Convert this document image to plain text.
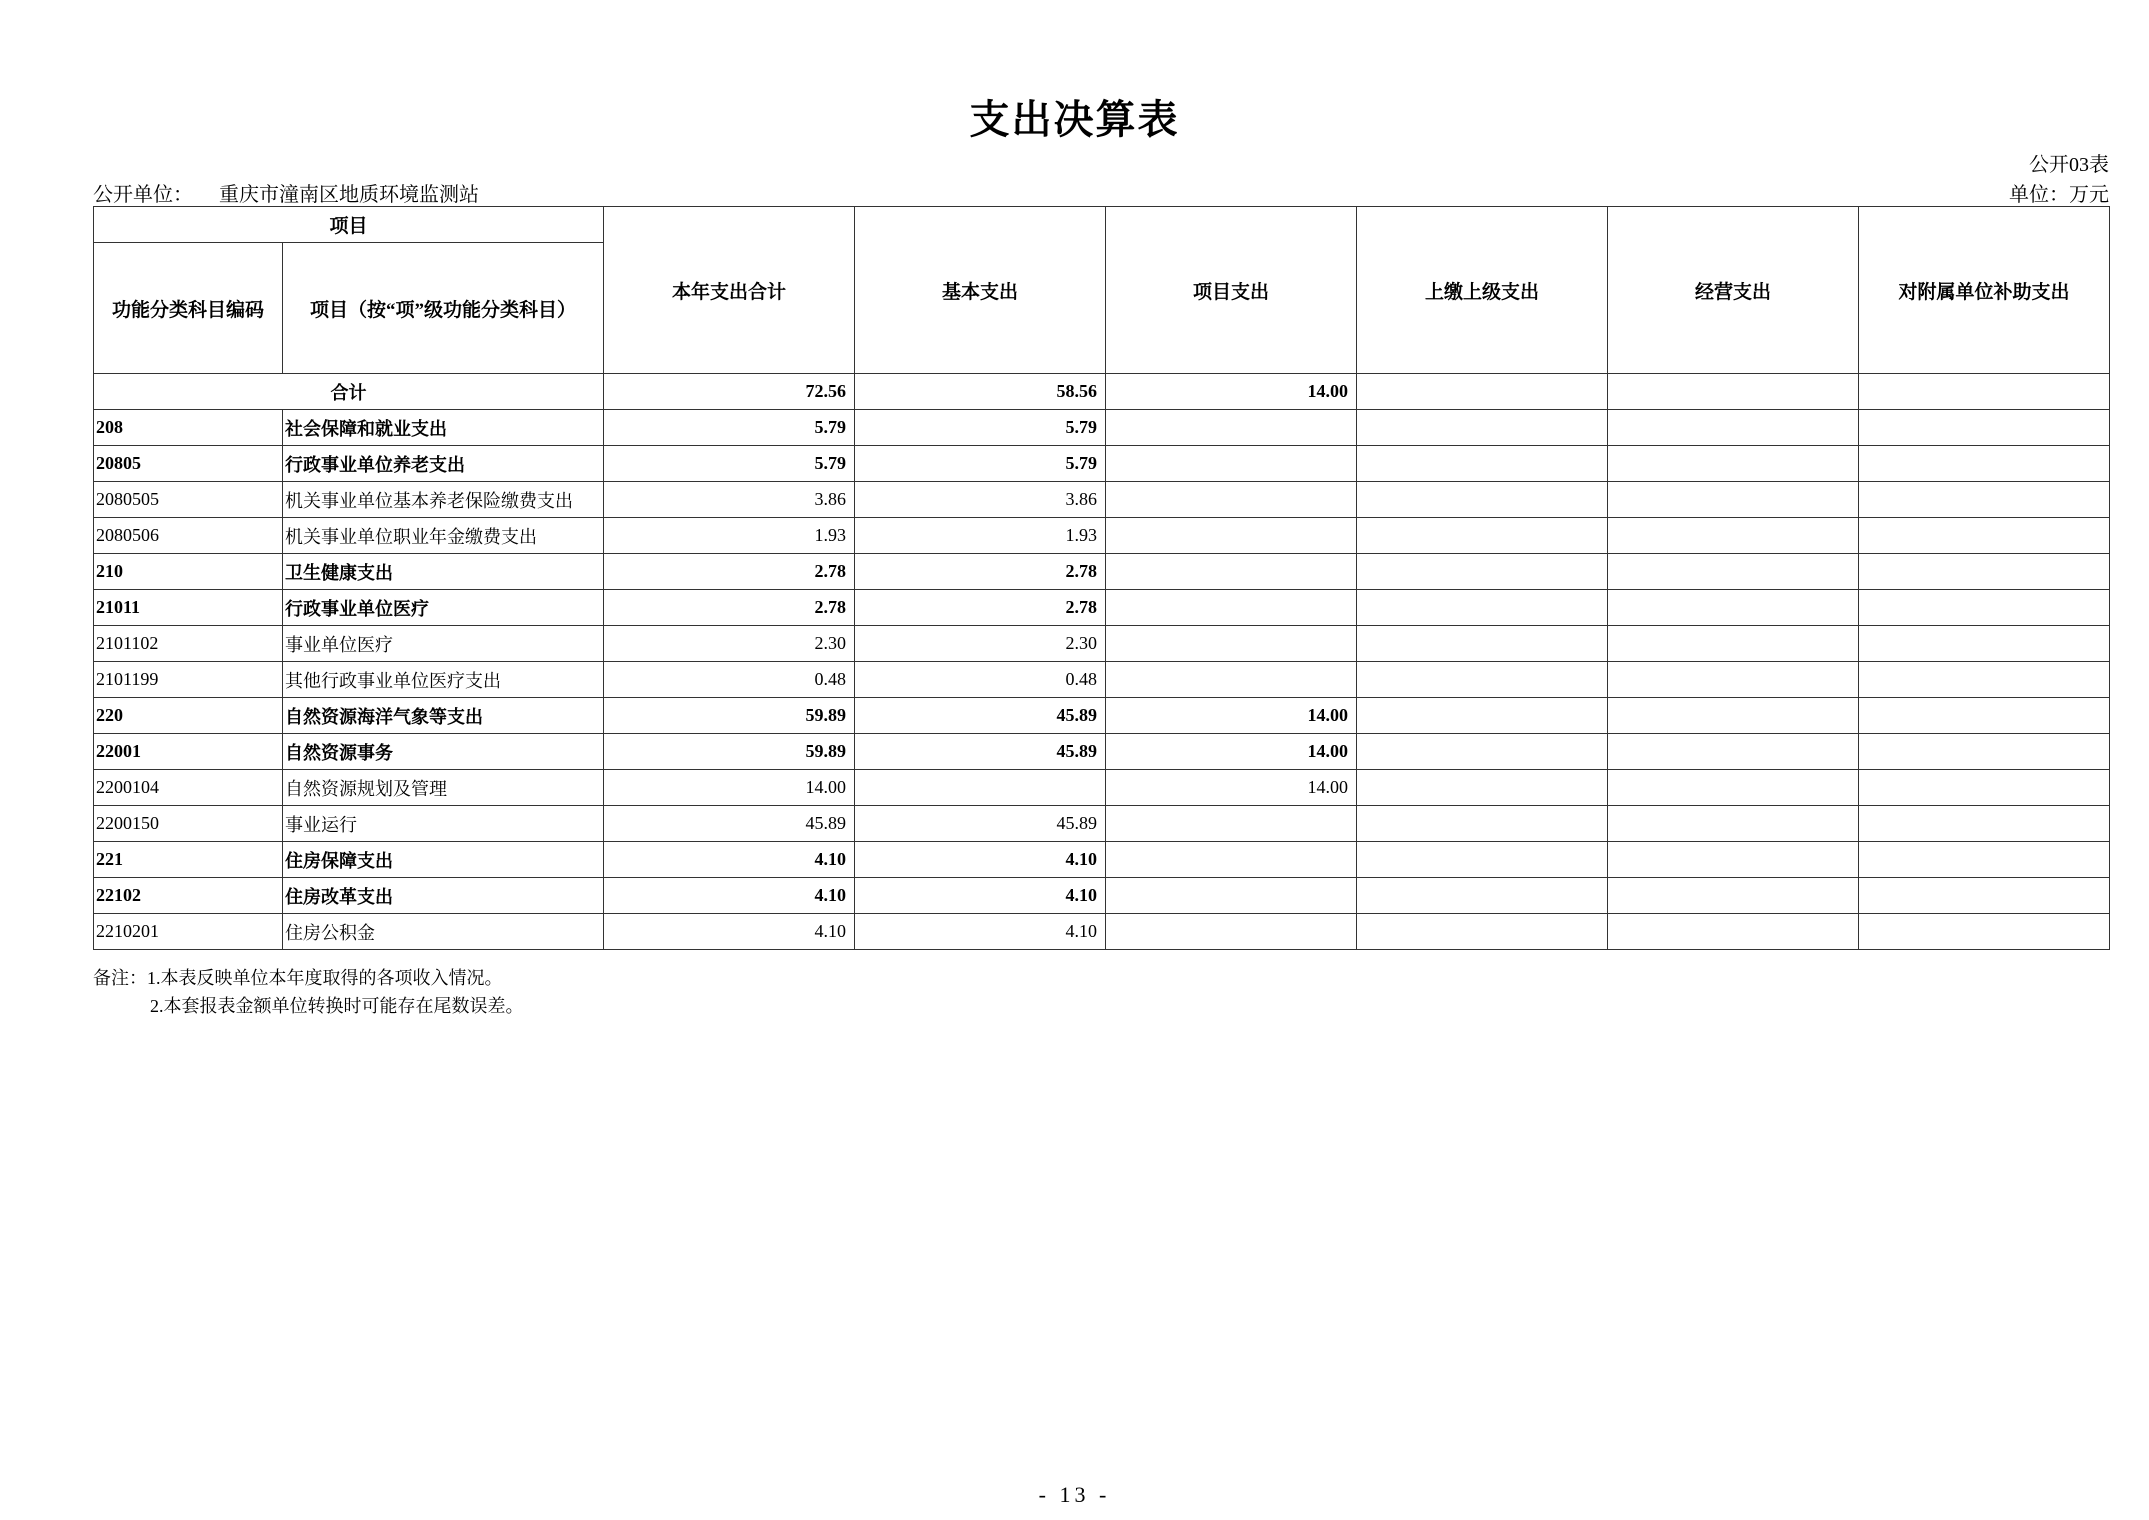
支出决算表
公开03表
公开单位： 重庆市潼南区地质环境监测站	单位：万元
项目		本年支出合计	基本支出	项目支出	上缴上级支出	经营支出	对附属单位补助支出
功能分类科目编码	项目（按“项”级功能分类科目）						
合计		72.56	58.56	14.00			
208	社会保障和就业支出	5.79	5.79				
20805	行政事业单位养老支出	5.79	5.79				
2080505	机关事业单位基本养老保险缴费支出	3.86	3.86				
2080506	机关事业单位职业年金缴费支出	1.93	1.93				
210	卫生健康支出	2.78	2.78				
21011	行政事业单位医疗	2.78	2.78				
2101102	事业单位医疗	2.30	2.30				
2101199	其他行政事业单位医疗支出	0.48	0.48				
220	自然资源海洋气象等支出	59.89	45.89	14.00			
22001	自然资源事务	59.89	45.89	14.00			
2200104	自然资源规划及管理	14.00		14.00			
2200150	事业运行	45.89	45.89				
221	住房保障支出	4.10	4.10				
22102	住房改革支出	4.10	4.10				
2210201	住房公积金	4.10	4.10				
备注：1.本表反映单位本年度取得的各项收入情况。
2.本套报表金额单位转换时可能存在尾数误差。
- 13 -
